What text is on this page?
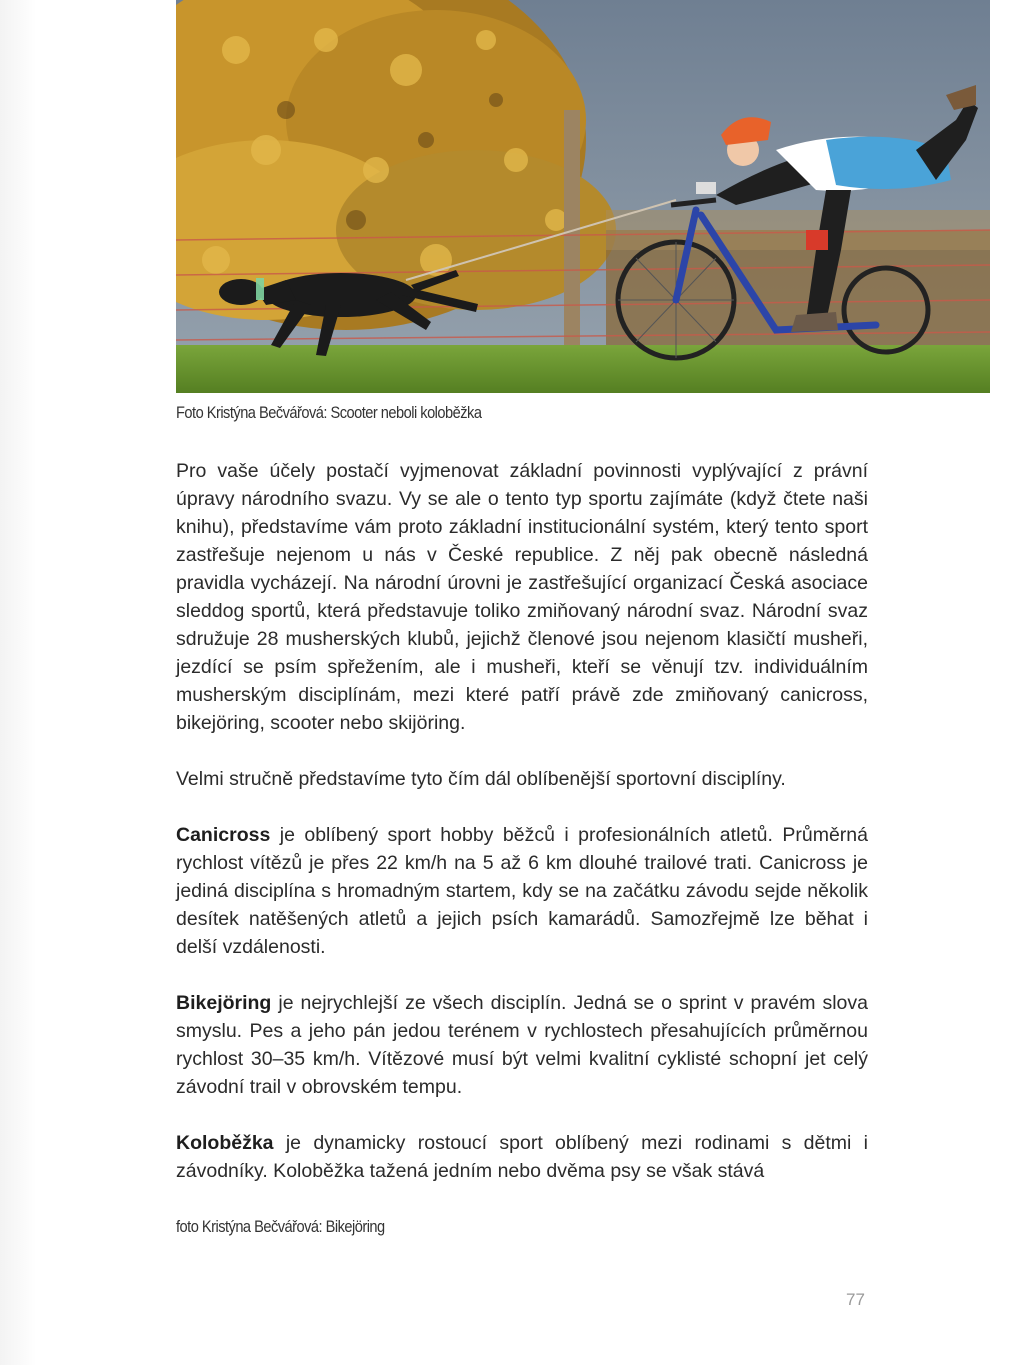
Foto Kristýna Bečvářová: Scooter neboli koloběžka

Pro vaše účely postačí vyjmenovat základní povinnosti vyplývající z právní úpravy národního svazu. Vy se ale o tento typ sportu zajímáte (když čtete naši knihu), představíme vám proto základní institucionální systém, který tento sport zastřešuje nejenom u nás v České republice. Z něj pak obecně následná pravidla vycházejí. Na národní úrovni je zastřešující organizací Česká asociace sleddog sportů, která představuje toliko zmiňovaný národní svaz. Národní svaz sdružuje 28 musherských klubů, jejichž členové jsou nejenom klasičtí musheři, jezdící se psím spřežením, ale i musheři, kteří se věnují tzv. individuálním musherským disciplínám, mezi které patří právě zde zmiňovaný canicross, bikejöring, scooter nebo skijöring.

Velmi stručně představíme tyto čím dál oblíbenější sportovní disciplíny.

Canicross je oblíbený sport hobby běžců i profesionálních atletů. Průměrná rychlost vítězů je přes 22 km/h na 5 až 6 km dlouhé trailové trati. Canicross je jediná disciplína s hromadným startem, kdy se na začátku závodu sejde několik desítek natěšených atletů a jejich psích kamarádů. Samozřejmě lze běhat i delší vzdálenosti.

Bikejöring je nejrychlejší ze všech disciplín. Jedná se o sprint v pravém slova smyslu. Pes a jeho pán jedou terénem v rychlostech přesahujících průměrnou rychlost 30–35 km/h. Vítězové musí být velmi kvalitní cyklisté schopní jet celý závodní trail v obrovském tempu.

Koloběžka je dynamicky rostoucí sport oblíbený mezi rodinami s dětmi i závodníky. Koloběžka tažená jedním nebo dvěma psy se však stává

foto Kristýna Bečvářová: Bikejöring
77
